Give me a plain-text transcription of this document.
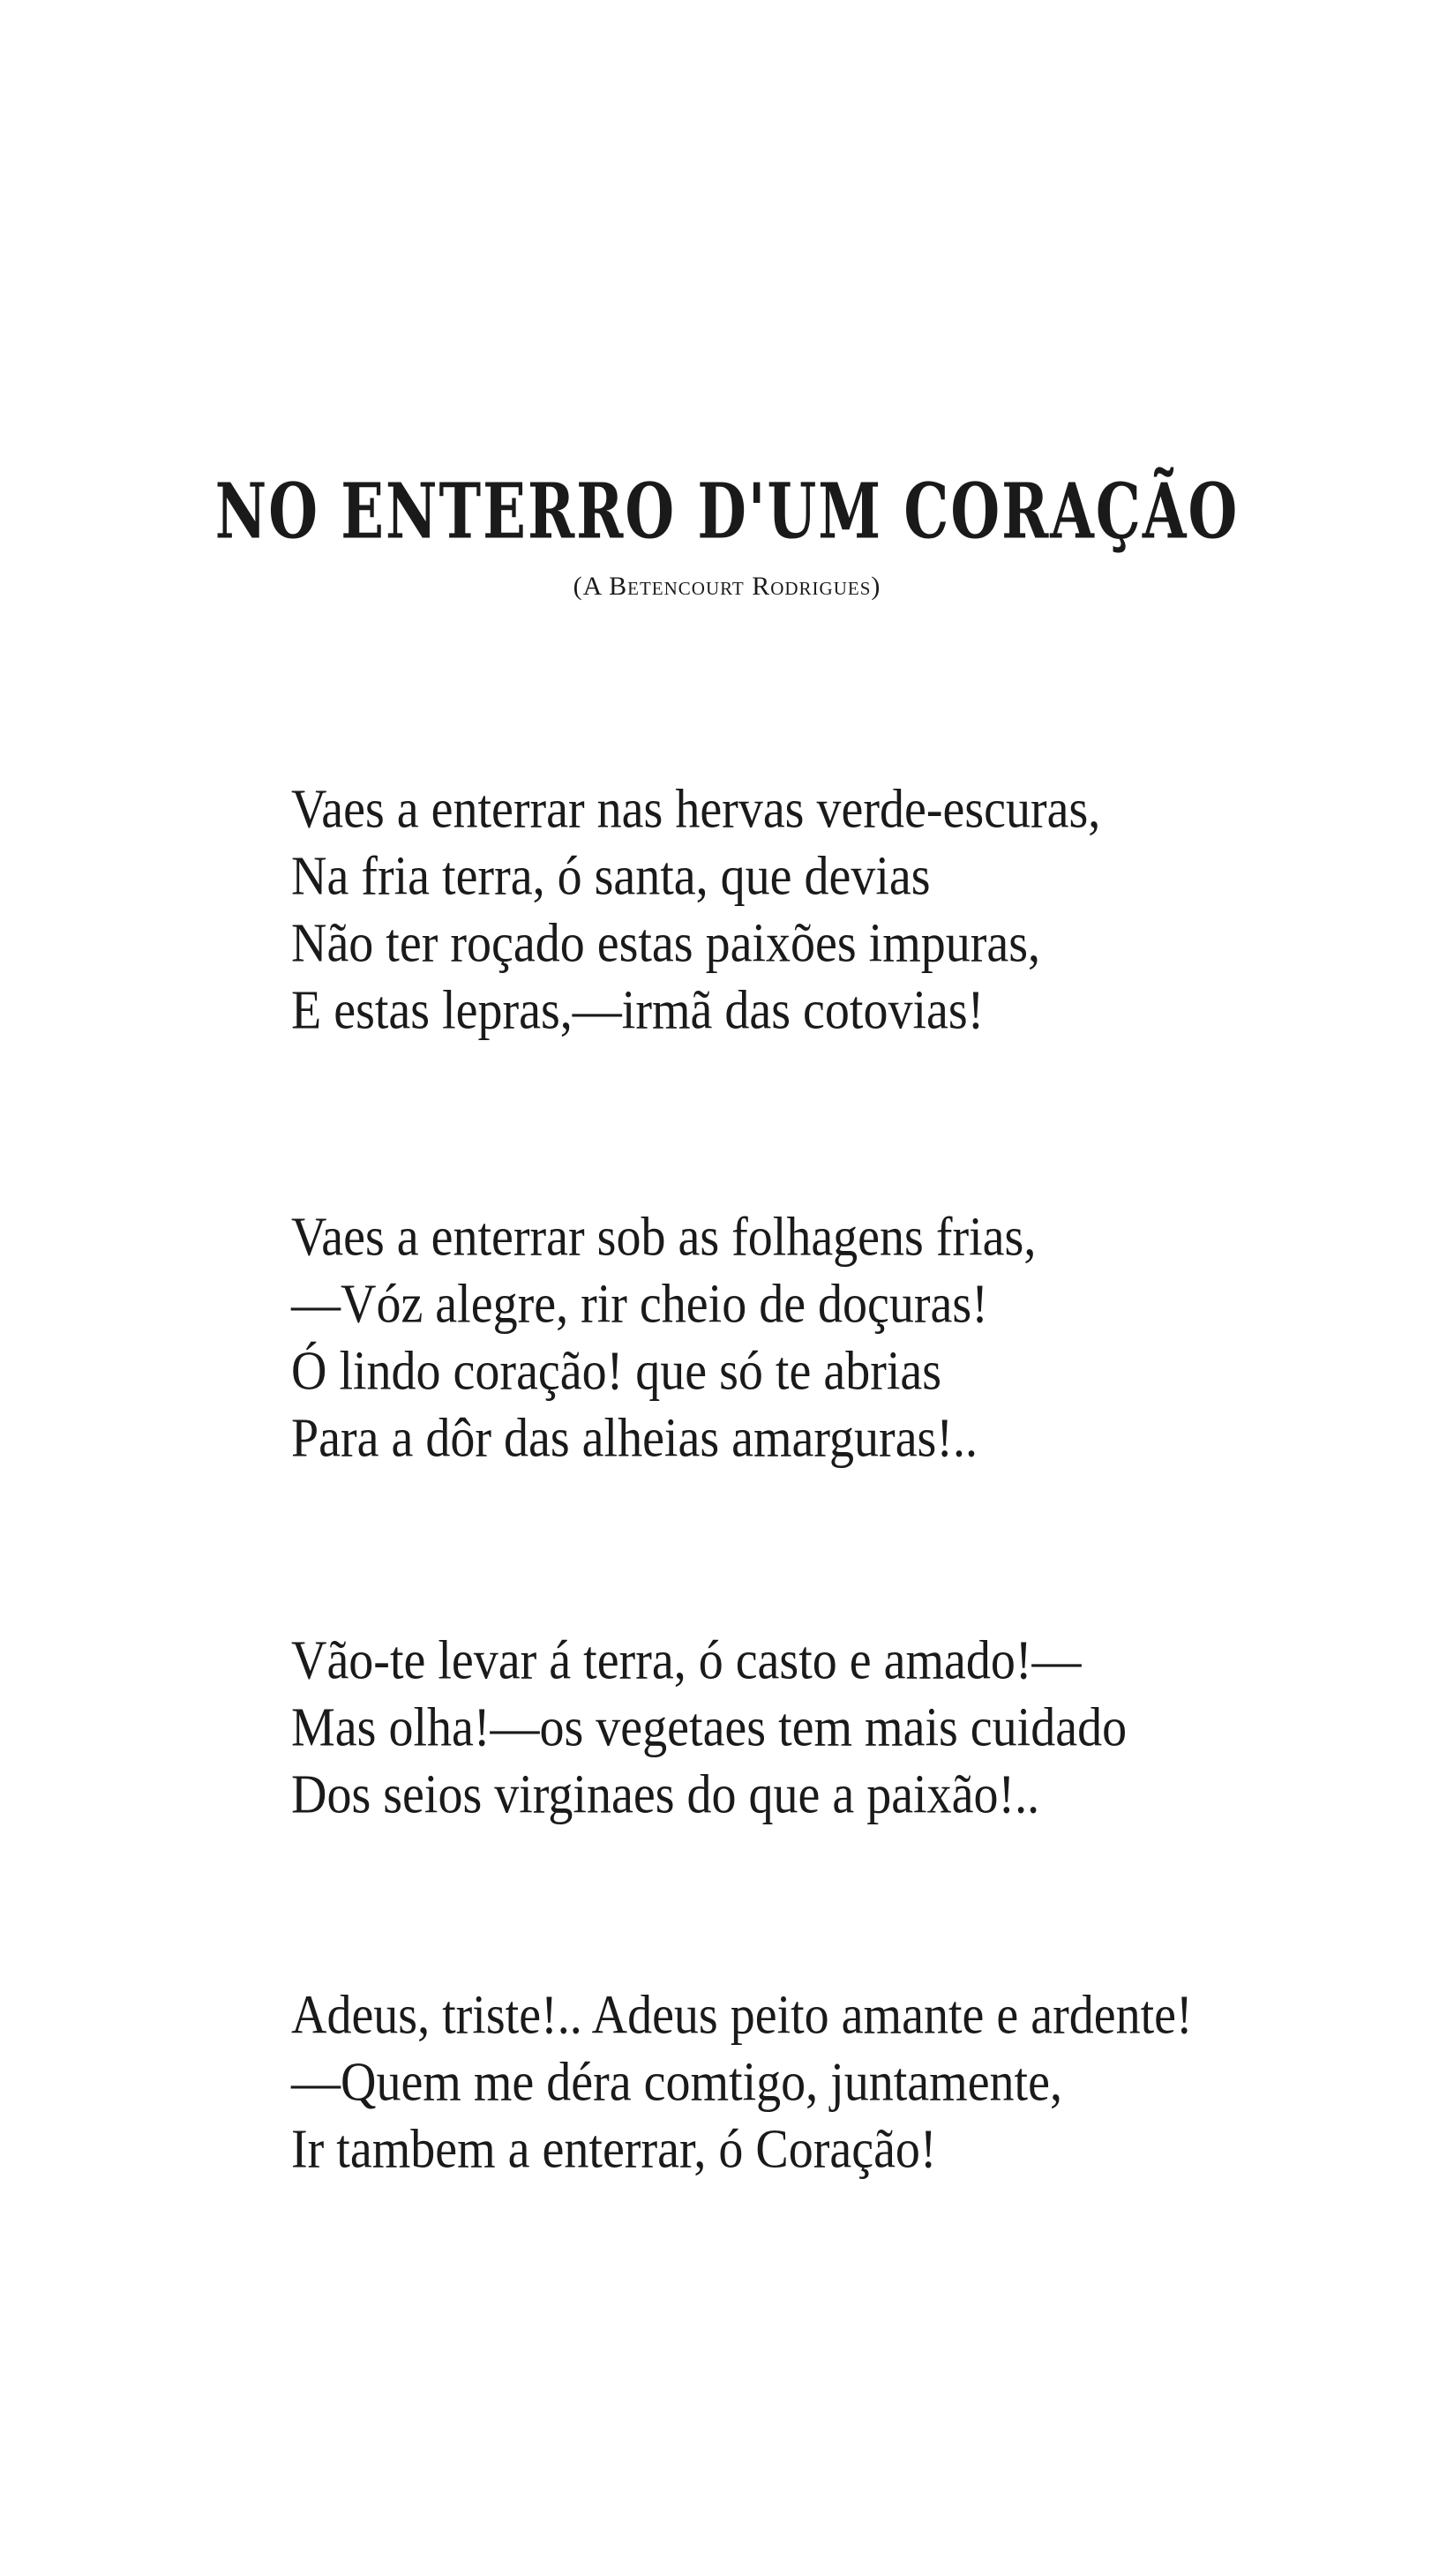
NO ENTERRO D'UM CORAÇÃO
(A Betencourt Rodrigues)
Vaes a enterrar nas hervas verde-escuras,
Na fria terra, ó santa, que devias
Não ter roçado estas paixões impuras,
E estas lepras,—irmã das cotovias!
Vaes a enterrar sob as folhagens frias,
—Vóz alegre, rir cheio de doçuras!
Ó lindo coração! que só te abrias
Para a dôr das alheias amarguras!..
Vão-te levar á terra, ó casto e amado!—
Mas olha!—os vegetaes tem mais cuidado
Dos seios virginaes do que a paixão!..
Adeus, triste!.. Adeus peito amante e ardente!
—Quem me déra comtigo, juntamente,
Ir tambem a enterrar, ó Coração!
